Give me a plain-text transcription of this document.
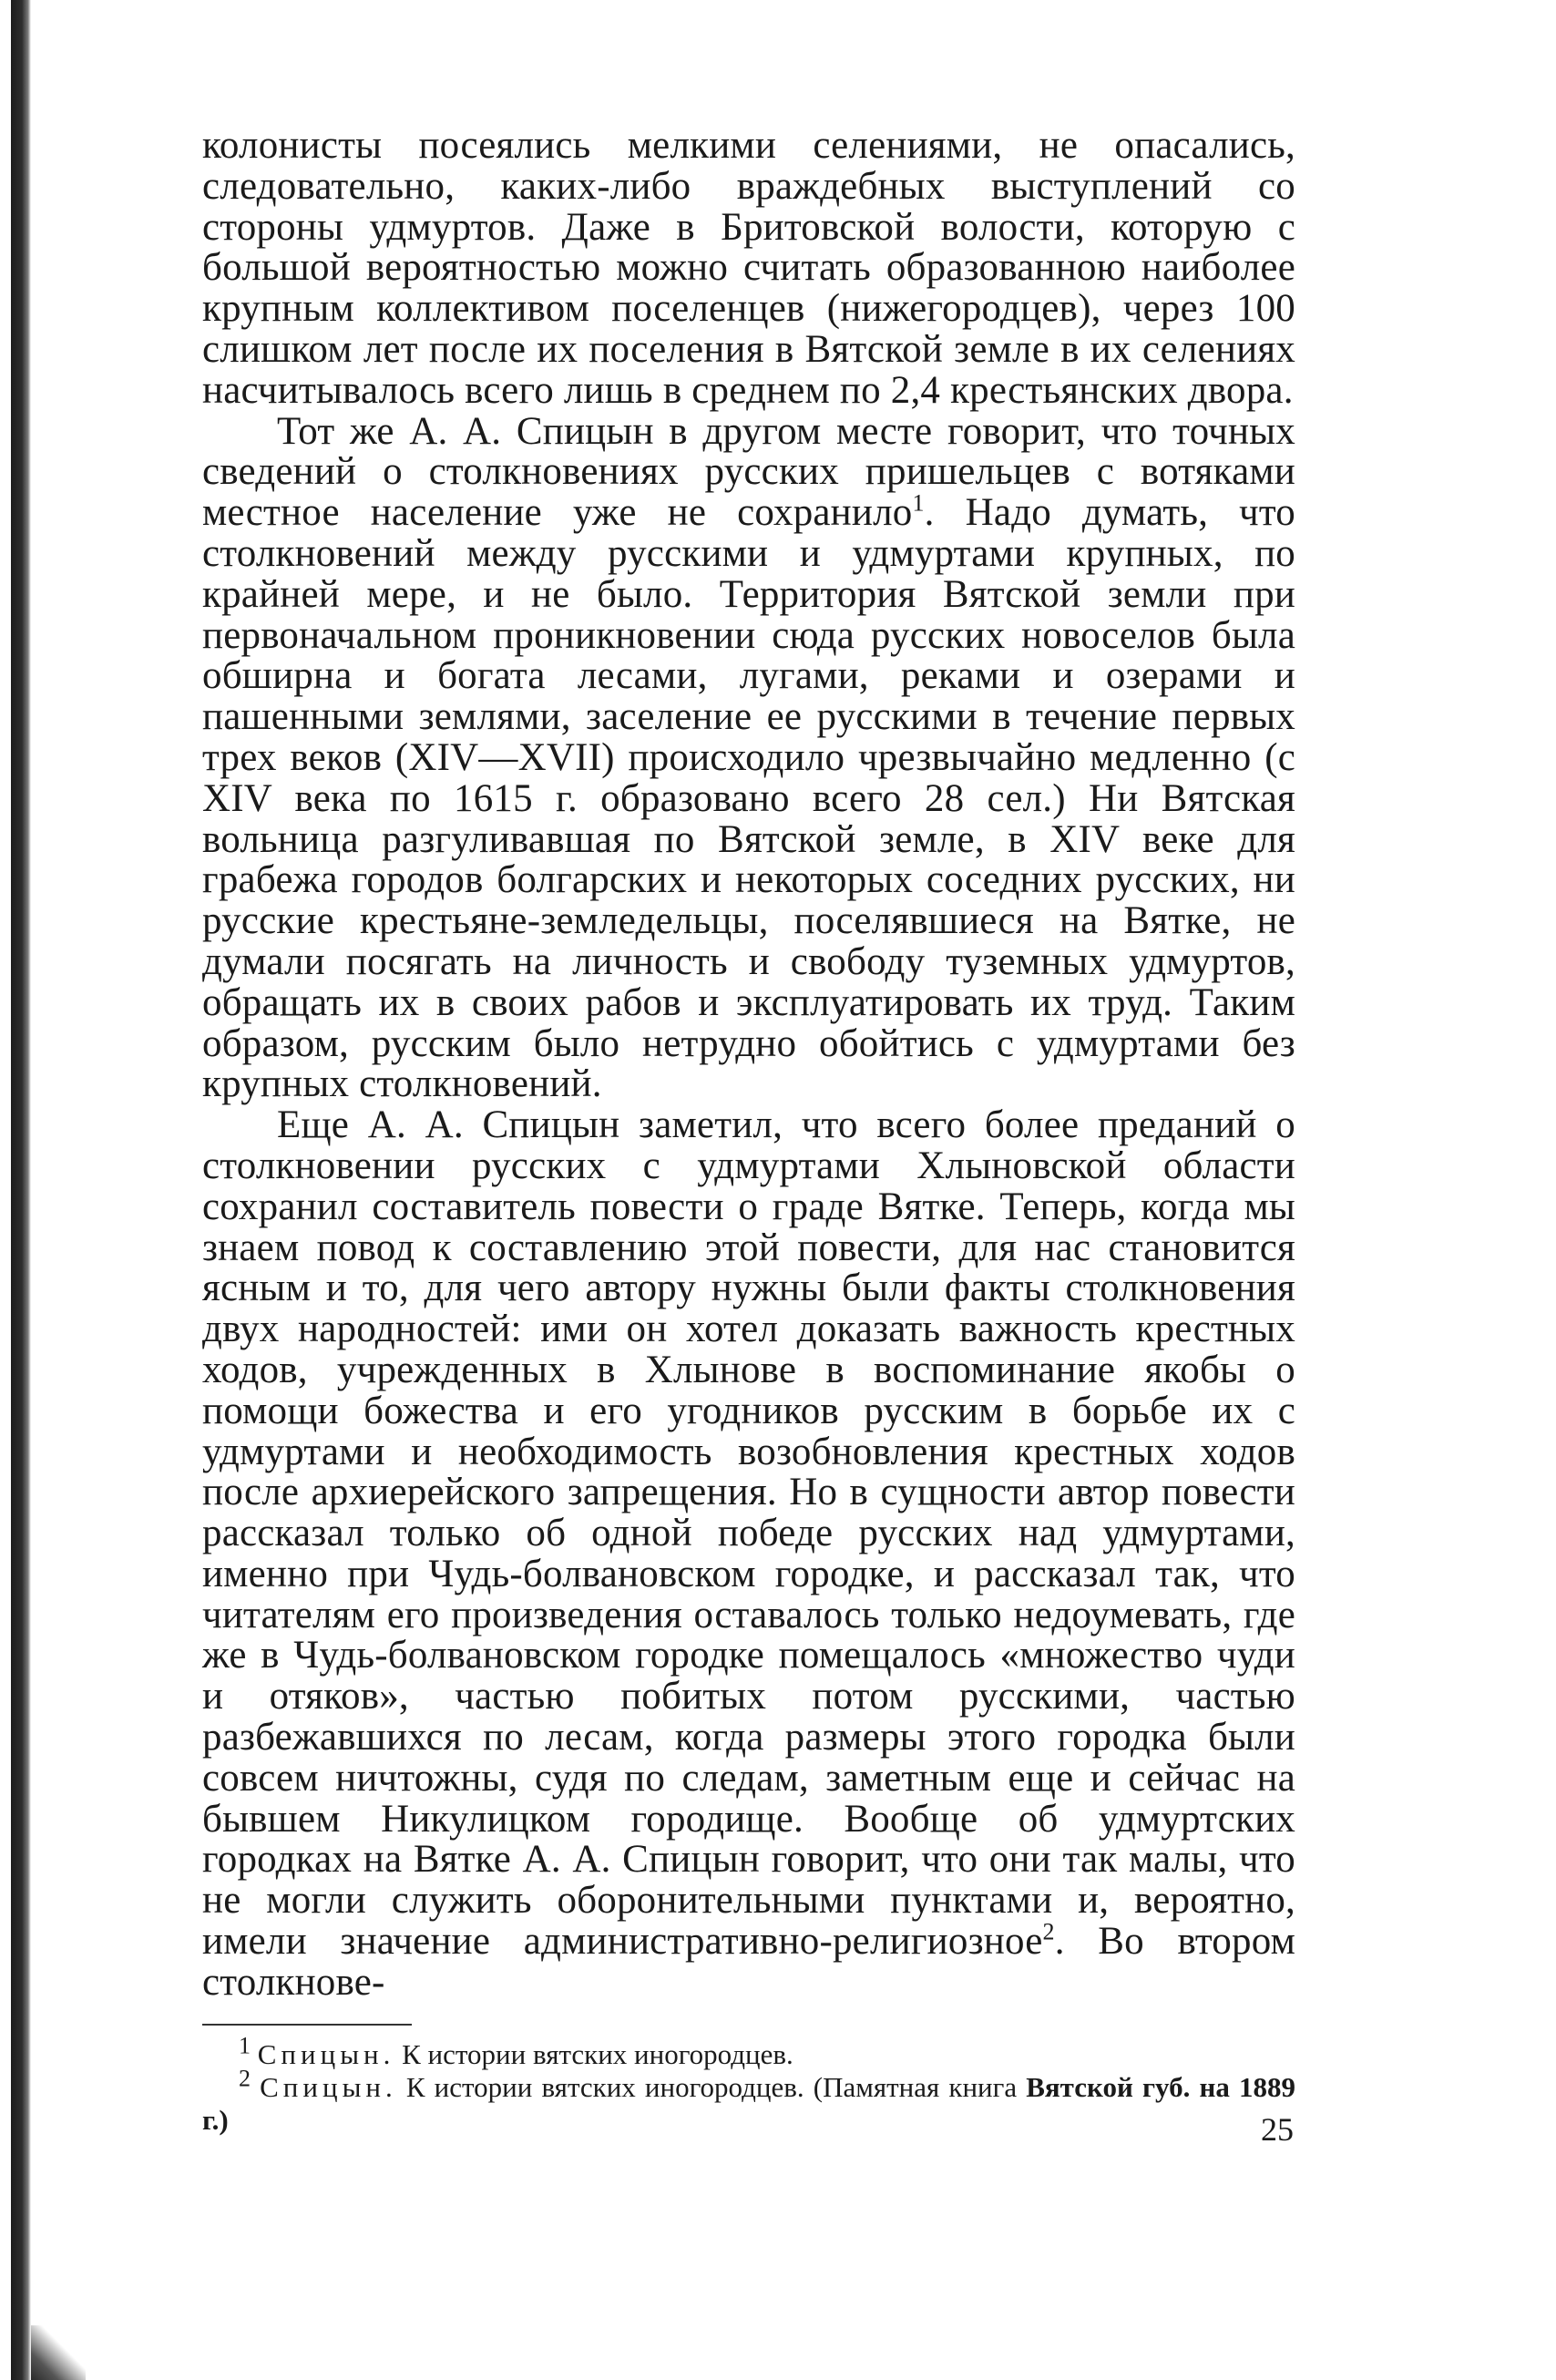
колонисты посеялись мелкими селениями, не опасались, следовательно, каких-либо враждебных выступлений со стороны удмуртов. Даже в Бритовской волости, которую с большой вероятностью можно считать образованною наиболее крупным коллективом поселенцев (нижегородцев), через 100 слишком лет после их поселения в Вятской земле в их селениях насчитывалось всего лишь в среднем по 2,4 крестьянских двора.

Тот же А. А. Спицын в другом месте говорит, что точных сведений о столкновениях русских пришельцев с вотяками местное население уже не сохранило$^1$. Надо думать, что столкновений между русскими и удмуртами крупных, по крайней мере, и не было. Территория Вятской земли при первоначальном проникновении сюда русских новоселов была обширна и богата лесами, лугами, реками и озерами и пашенными землями, заселение ее русскими в течение первых трех веков (XIV—XVII) происходило чрезвычайно медленно (с XIV века по 1615 г. образовано всего 28 сел.) Ни Вятская вольница разгуливавшая по Вятской земле, в XIV веке для грабежа городов болгарских и некоторых соседних русских, ни русские крестьяне-земледельцы, поселявшиеся на Вятке, не думали посягать на личность и свободу туземных удмуртов, обращать их в своих рабов и эксплуатировать их труд. Таким образом, русским было нетрудно обойтись с удмуртами без крупных столкновений.

Еще А. А. Спицын заметил, что всего более преданий о столкновении русских с удмуртами Хлыновской области сохранил составитель повести о граде Вятке. Теперь, когда мы знаем повод к составлению этой повести, для нас становится ясным и то, для чего автору нужны были факты столкновения двух народностей: ими он хотел доказать важность крестных ходов, учрежденных в Хлынове в воспоминание якобы о помощи божества и его угодников русским в борьбе их с удмуртами и необходимость возобновления крестных ходов после архиерейского запрещения. Но в сущности автор повести рассказал только об одной победе русских над удмуртами, именно при Чудь-болвановском городке, и рассказал так, что читателям его произведения оставалось только недоумевать, где же в Чудь-болвановском городке помещалось «множество чуди и отяков», частью побитых потом русскими, частью разбежавшихся по лесам, когда размеры этого городка были совсем ничтожны, судя по следам, заметным еще и сейчас на бывшем Никулицком городище. Вообще об удмуртских городках на Вятке А. А. Спицын говорит, что они так малы, что не могли служить оборонительными пунктами и, вероятно, имели значение административно-религиозное$^2$. Во втором столкнове-

$^1$ Спицын. К истории вятских иногородцев.

$^2$ Спицын. К истории вятских иногородцев. (Памятная книга Вятской губ. на 1889 г.)	25
